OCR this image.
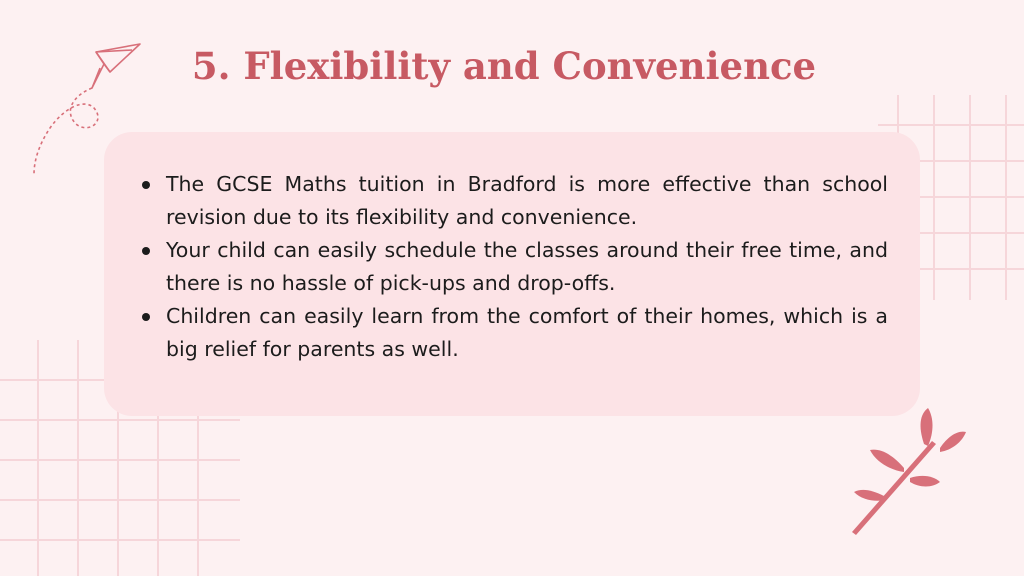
5. Flexibility and Convenience
The GCSE Maths tuition in Bradford is more effective than school revision due to its flexibility and convenience.
Your child can easily schedule the classes around their free time, and there is no hassle of pick-ups and drop-offs.
Children can easily learn from the comfort of their homes, which is a big relief for parents as well.
